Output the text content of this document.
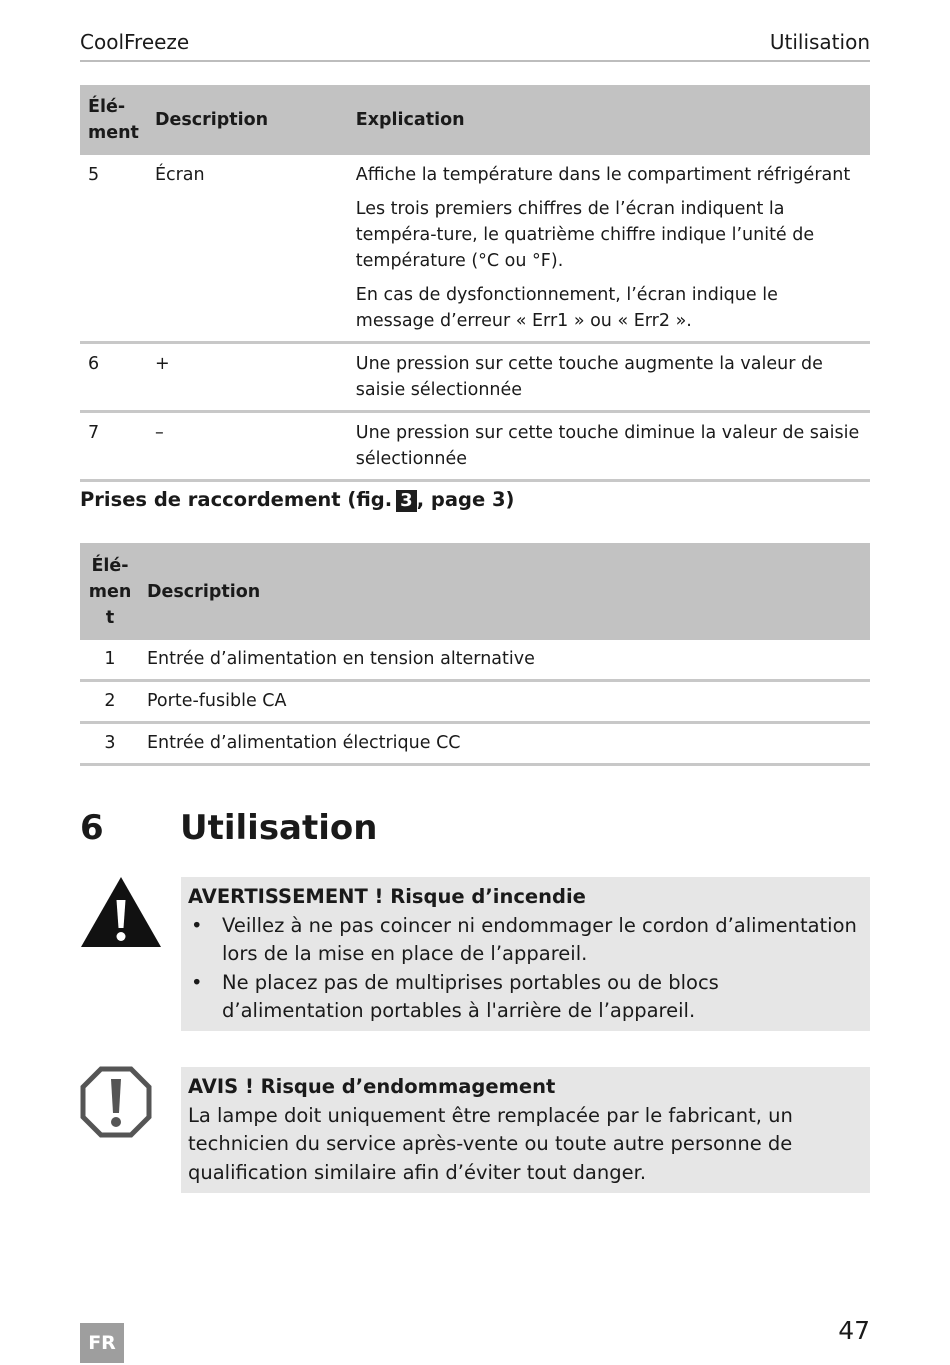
CoolFreeze	Utilisation
Élé-
ment	Description	Explication
5	Écran	Affiche la température dans le compartiment réfrigérant

Les trois premiers chiffres de l’écran indiquent la tempéra-ture, le quatrième chiffre indique l’unité de température (°C ou °F).

En cas de dysfonctionnement, l’écran indique le message d’erreur « Err1 » ou « Err2 ».

6	+	Une pression sur cette touche augmente la valeur de saisie sélectionnée

7	–	Une pression sur cette touche diminue la valeur de saisie sélectionnée

Prises de raccordement (fig. 3 , page 3)
Élé-
men
t	Description
1	Entrée d’alimentation en tension alternative
2	Porte-fusible CA
3	Entrée d’alimentation électrique CC
6 Utilisation
AVERTISSEMENT ! Risque d’incendie
• Veillez à ne pas coincer ni endommager le cordon d’alimentation lors de la mise en place de l’appareil.
• Ne placez pas de multiprises portables ou de blocs d’alimentation portables à l'arrière de l’appareil.
AVIS ! Risque d’endommagement
La lampe doit uniquement être remplacée par le fabricant, un technicien du service après-vente ou toute autre personne de qualification similaire afin d’éviter tout danger.
FR	47
